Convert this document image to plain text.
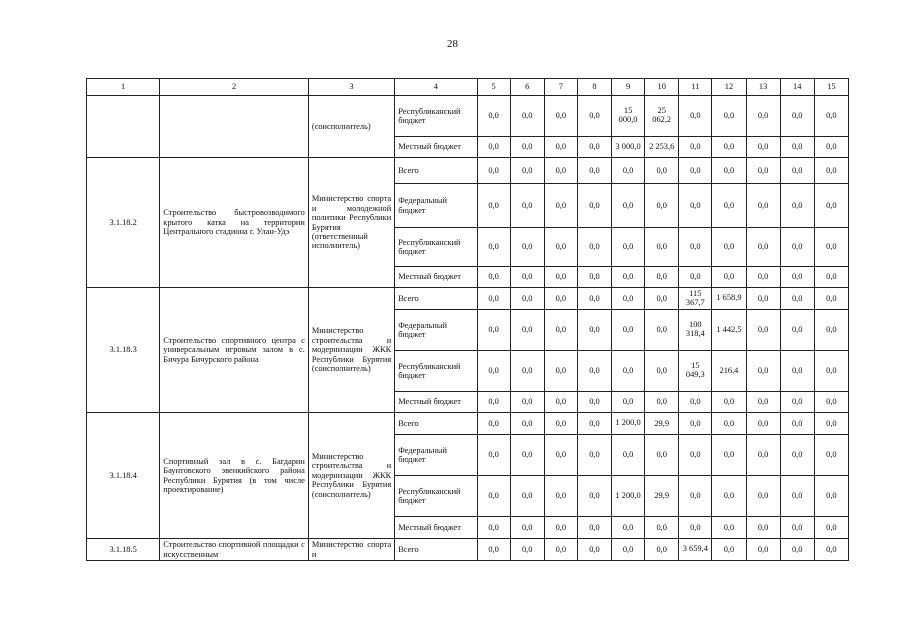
28
1	2	3	4	5	6	7	8	9	10	11	12	13	14	15
		(соисполнитель)	Республиканский бюджет	0,0	0,0	0,0	0,0	15 000,0	25 062,2	0,0	0,0	0,0	0,0	0,0
			Местный бюджет	0,0	0,0	0,0	0,0	3 000,0	2 253,6	0,0	0,0	0,0	0,0	0,0
3.1.18.2	Строительство быстровозводимого крытого катка на территории Центрального стадиона г. Улан-Удэ	Министерство спорта и молодежной политики Республики Бурятия (ответственный исполнитель)	Всего	0,0	0,0	0,0	0,0	0,0	0,0	0,0	0,0	0,0	0,0	0,0
			Федеральный бюджет	0,0	0,0	0,0	0,0	0,0	0,0	0,0	0,0	0,0	0,0	0,0
			Республиканский бюджет	0,0	0,0	0,0	0,0	0,0	0,0	0,0	0,0	0,0	0,0	0,0
			Местный бюджет	0,0	0,0	0,0	0,0	0,0	0,0	0,0	0,0	0,0	0,0	0,0
3.1.18.3	Строительство спортивного центра с универсальным игровым залом в с. Бичура Бичурского района	Министерство строительства и модернизации ЖКК Республики Бурятия (соисполнитель)	Всего	0,0	0,0	0,0	0,0	0,0	0,0	115 367,7	1 658,9	0,0	0,0	0,0
			Федеральный бюджет	0,0	0,0	0,0	0,0	0,0	0,0	100 318,4	1 442,5	0,0	0,0	0,0
			Республиканский бюджет	0,0	0,0	0,0	0,0	0,0	0,0	15 049,3	216,4	0,0	0,0	0,0
			Местный бюджет	0,0	0,0	0,0	0,0	0,0	0,0	0,0	0,0	0,0	0,0	0,0
3.1.18.4	Спортивный зал в с. Багдарин Баунтовского эвенкийского района Республики Бурятия (в том числе проектирование)	Министерство строительства и модернизации ЖКК Республики Бурятия (соисполнитель)	Всего	0,0	0,0	0,0	0,0	1 200,0	29,9	0,0	0,0	0,0	0,0	0,0
			Федеральный бюджет	0,0	0,0	0,0	0,0	0,0	0,0	0,0	0,0	0,0	0,0	0,0
			Республиканский бюджет	0,0	0,0	0,0	0,0	1 200,0	29,9	0,0	0,0	0,0	0,0	0,0
			Местный бюджет	0,0	0,0	0,0	0,0	0,0	0,0	0,0	0,0	0,0	0,0	0,0
3.1.18.5	Строительство спортивной площадки с искусственным	Министерство спорта и	Всего	0,0	0,0	0,0	0,0	0,0	0,0	3 659,4	0,0	0,0	0,0	0,0
